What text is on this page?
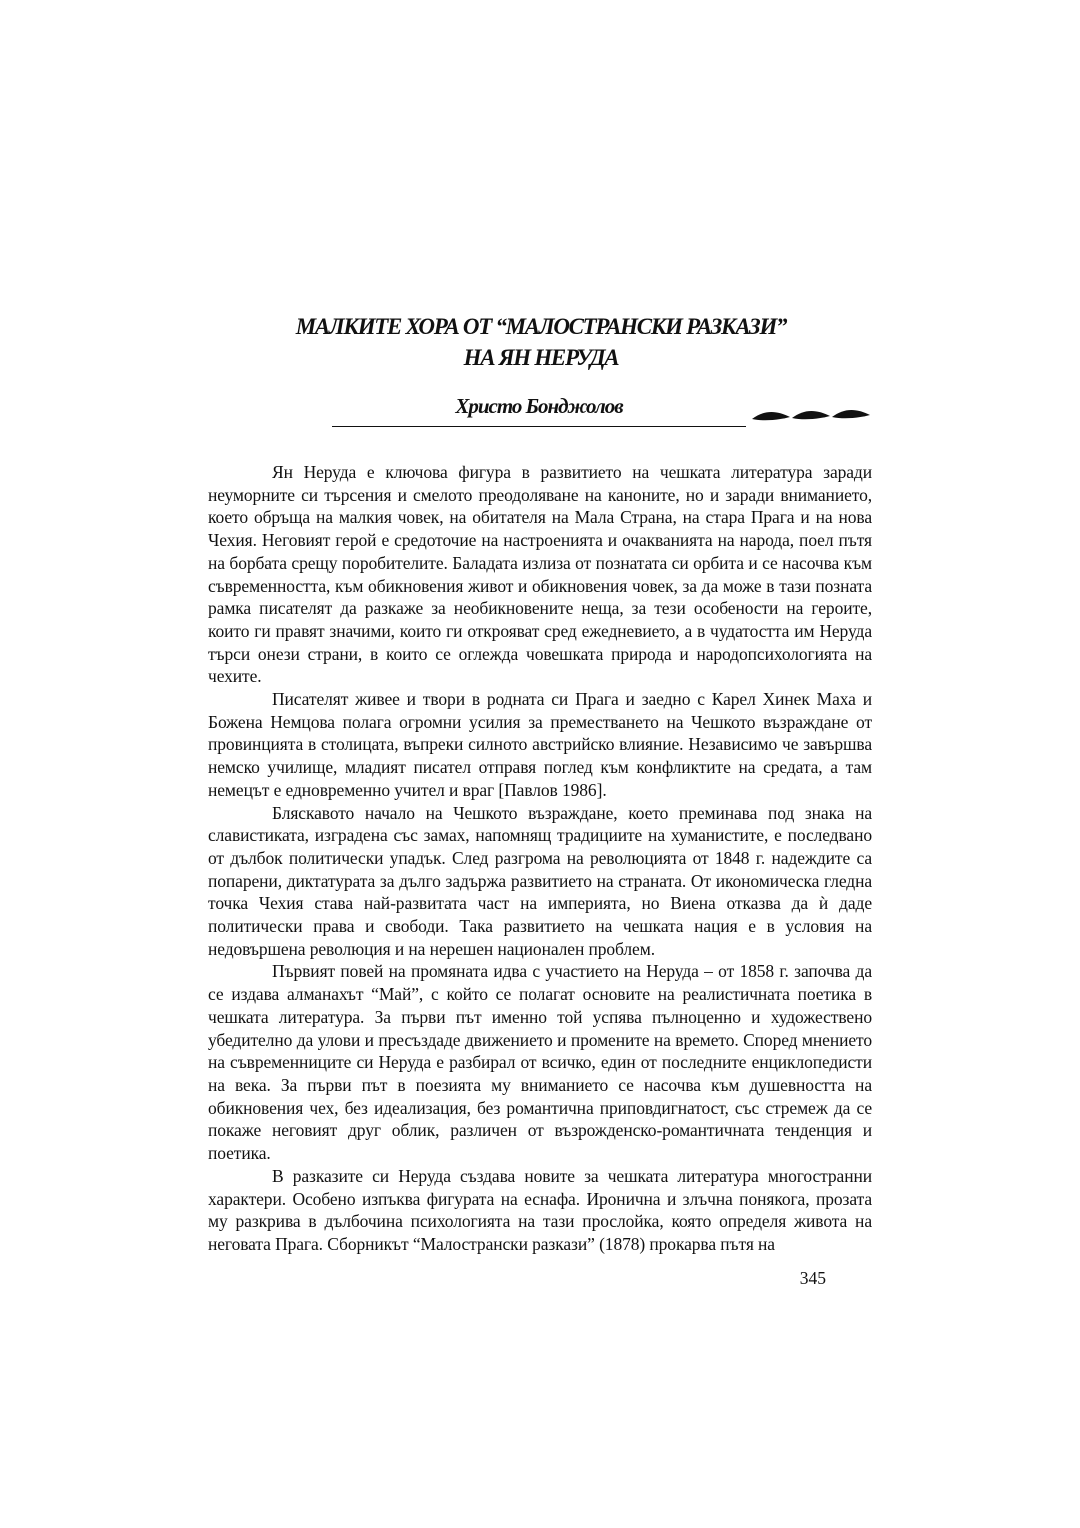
МАЛКИТЕ ХОРА ОТ “МАЛОСТРАНСКИ РАЗКАЗИ”
НА ЯН НЕРУДА
Христо Бонджолов

Ян Неруда е ключова фигура в развитието на чешката литература заради неуморните си търсения и смелото преодоляване на каноните, но и заради вниманието, което обръща на малкия човек, на обитателя на Мала Страна, на стара Прага и на нова Чехия. Неговият герой е средоточие на настроенията и очакванията на народа, поел пътя на борбата срещу поробителите. Баладата излиза от познатата си орбита и се насочва към съвременността, към обикновения живот и обикновения човек, за да може в тази позната рамка писателят да разкаже за необикновените неща, за тези особености на героите, които ги правят значими, които ги открояват сред ежедневието, а в чудатостта им Неруда търси онези страни, в които се оглежда човешката природа и народопсихологията на чехите.

Писателят живее и твори в родната си Прага и заедно с Карел Хинек Маха и Божена Немцова полага огромни усилия за преместването на Чешкото възраждане от провинцията в столицата, въпреки силното австрийско влияние. Независимо че завършва немско училище, младият писател отправя поглед към конфликтите на средата, а там немецът е едновременно учител и враг [Павлов 1986].

Бляскавото начало на Чешкото възраждане, което преминава под знака на славистиката, изградена със замах, напомнящ традициите на хуманистите, е последвано от дълбок политически упадък. След разгрома на революцията от 1848 г. надеждите са попарени, диктатурата за дълго задържа развитието на страната. От икономическа гледна точка Чехия става най-развитата част на империята, но Виена отказва да ѝ даде политически права и свободи. Така развитието на чешката нация е в условия на недовършена революция и на нерешен национален проблем.

Първият повей на промяната идва с участието на Неруда – от 1858 г. започва да се издава алманахът “Май”, с който се полагат основите на реалистичната поетика в чешката литература. За първи път именно той успява пълноценно и художествено убедително да улови и пресъздаде движението и промените на времето. Според мнението на съвременниците си Неруда е разбирал от всичко, един от последните енциклопедисти на века. За първи път в поезията му вниманието се насочва към душевността на обикновения чех, без идеализация, без романтична приповдигнатост, със стремеж да се покаже неговият друг облик, различен от възрожденско-романтичната тенденция и поетика.

В разказите си Неруда създава новите за чешката литература многостранни характери. Особено изпъква фигурата на еснафа. Иронична и злъчна понякога, прозата му разкрива в дълбочина психологията на тази прослойка, която определя живота на неговата Прага. Сборникът “Малострански разкази” (1878) прокарва пътя на

345
